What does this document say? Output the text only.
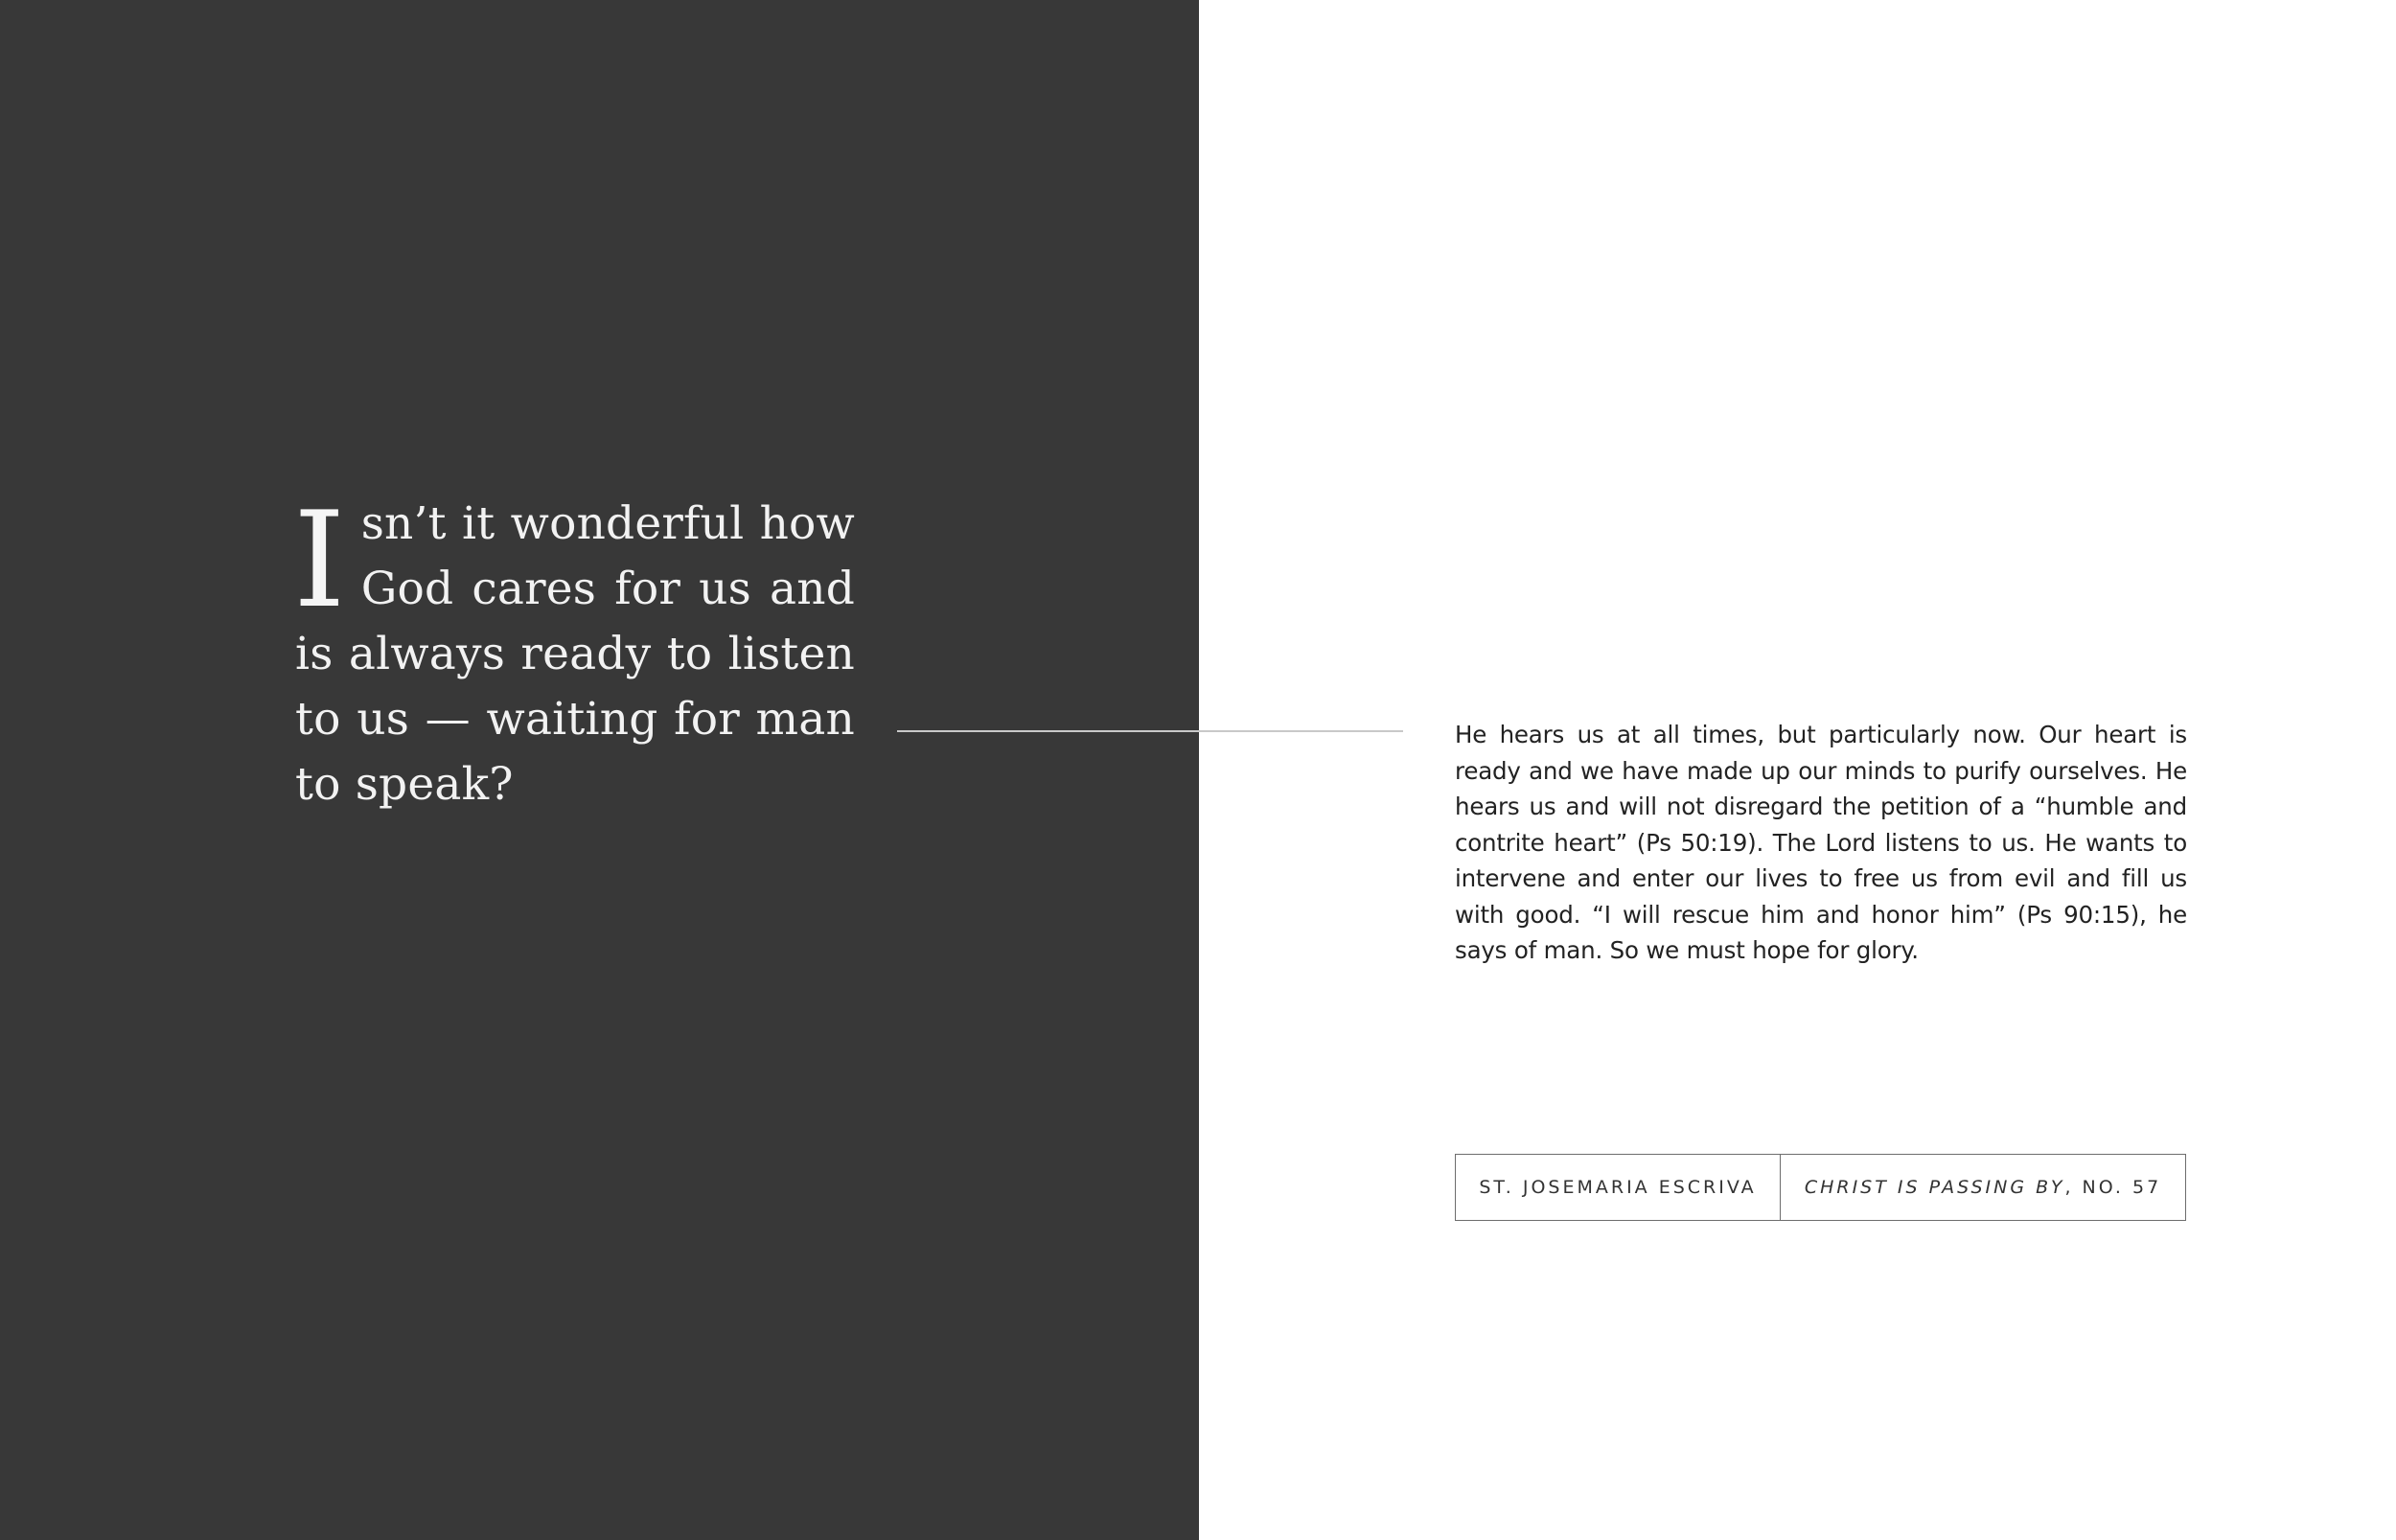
Isn’t it wonderful how God cares for us and is always ready to listen to us — waiting for man to speak?

He hears us at all times, but particularly now. Our heart is ready and we have made up our minds to purify ourselves. He hears us and will not disregard the petition of a “humble and contrite heart” (Ps 50:19). The Lord listens to us. He wants to intervene and enter our lives to free us from evil and fill us with good. “I will rescue him and honor him” (Ps 90:15), he says of man. So we must hope for glory.

ST. JOSEMARIA ESCRIVA	CHRIST IS PASSING BY , NO. 57
